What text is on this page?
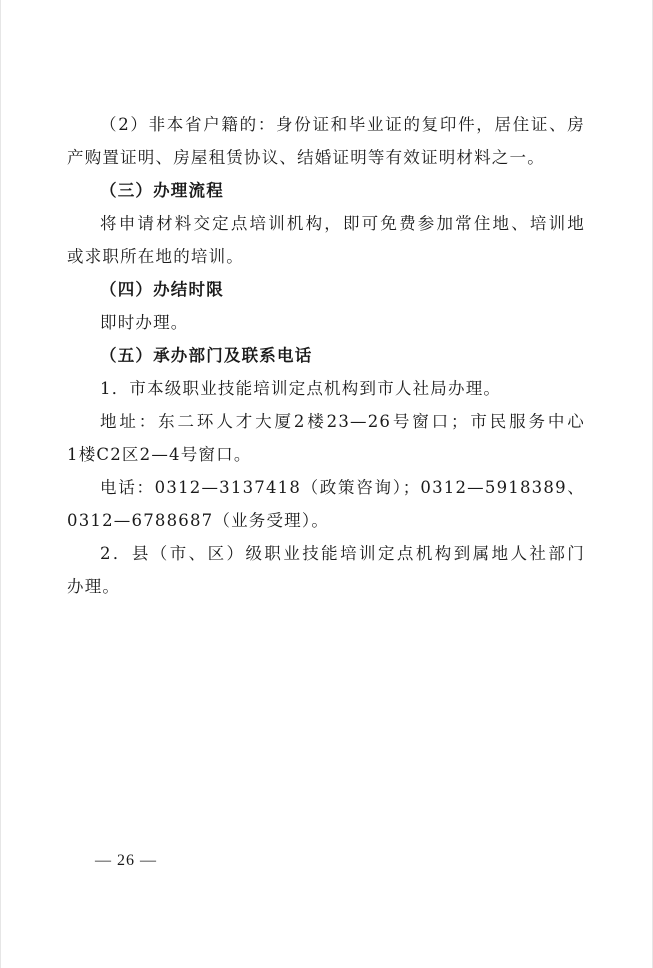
（2）非本省户籍的：身份证和毕业证的复印件，居住证、房
产购置证明、房屋租赁协议、结婚证明等有效证明材料之一。
（三）办理流程
将申请材料交定点培训机构，即可免费参加常住地、培训地
或求职所在地的培训。
（四）办结时限
即时办理。
（五）承办部门及联系电话
1．市本级职业技能培训定点机构到市人社局办理。
地址：东二环人才大厦2楼23—26号窗口；市民服务中心
1楼C2区2—4号窗口。
电话：0312—3137418（政策咨询）；0312—5918389、
0312—6788687（业务受理）。
2．县（市、区）级职业技能培训定点机构到属地人社部门
办理。
— 26 —
